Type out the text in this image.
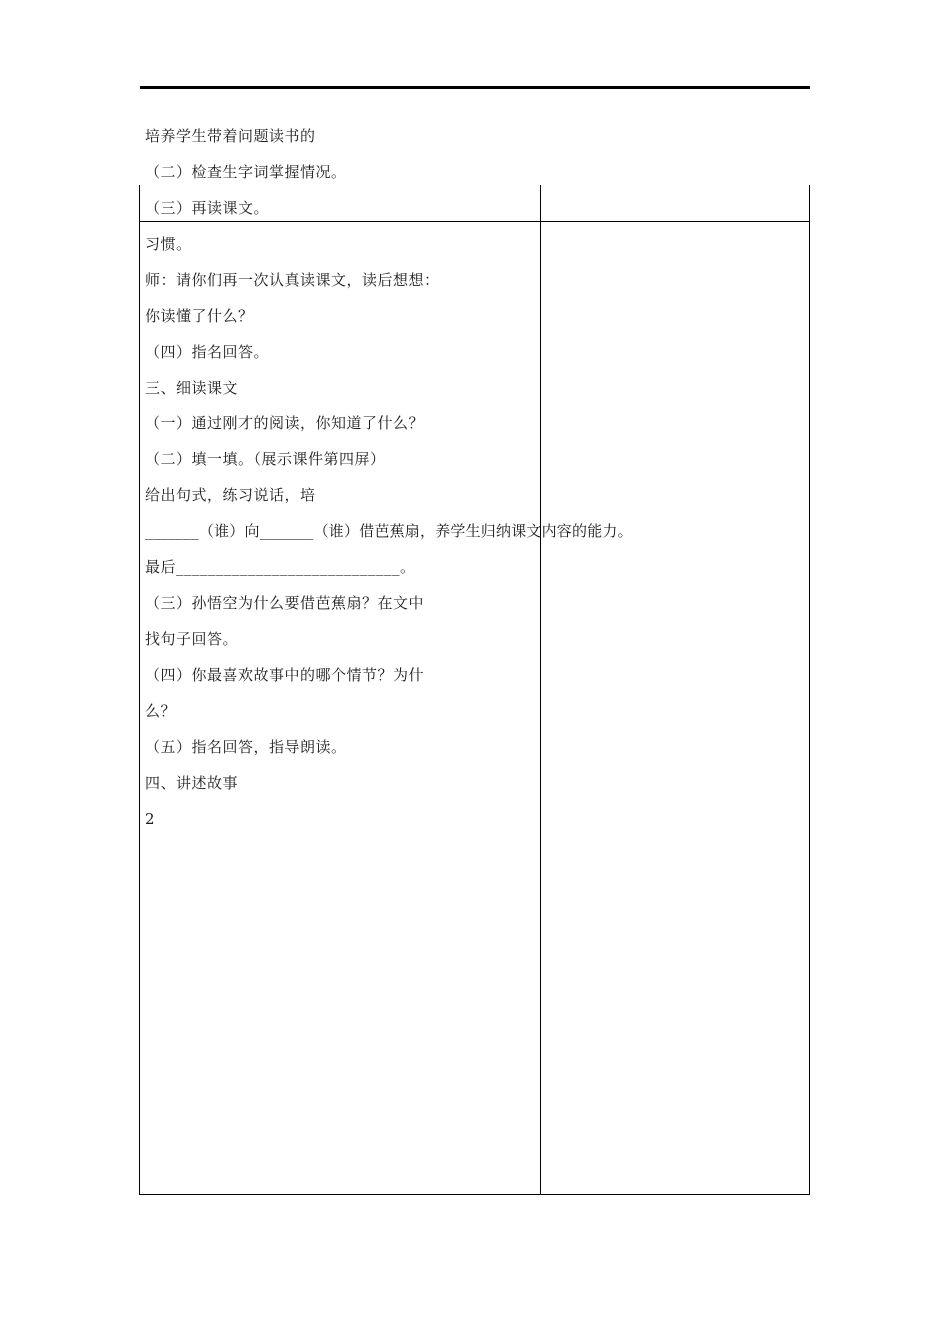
培养学生带着问题读书的
（二）检查生字词掌握情况。
（三）再读课文。
习惯。
师：请你们再一次认真读课文，读后想想：
你读懂了什么？
（四）指名回答。
三、细读课文
（一）通过刚才的阅读，你知道了什么？
（二）填一填。（展示课件第四屏）
给出句式，练习说话，培
_______（谁）向_______（谁）借芭蕉扇，养学生归纳课文内容的能力。
最后____________________________。
（三）孙悟空为什么要借芭蕉扇？在文中
找句子回答。
（四）你最喜欢故事中的哪个情节？为什
么？
（五）指名回答，指导朗读。
四、讲述故事
2
